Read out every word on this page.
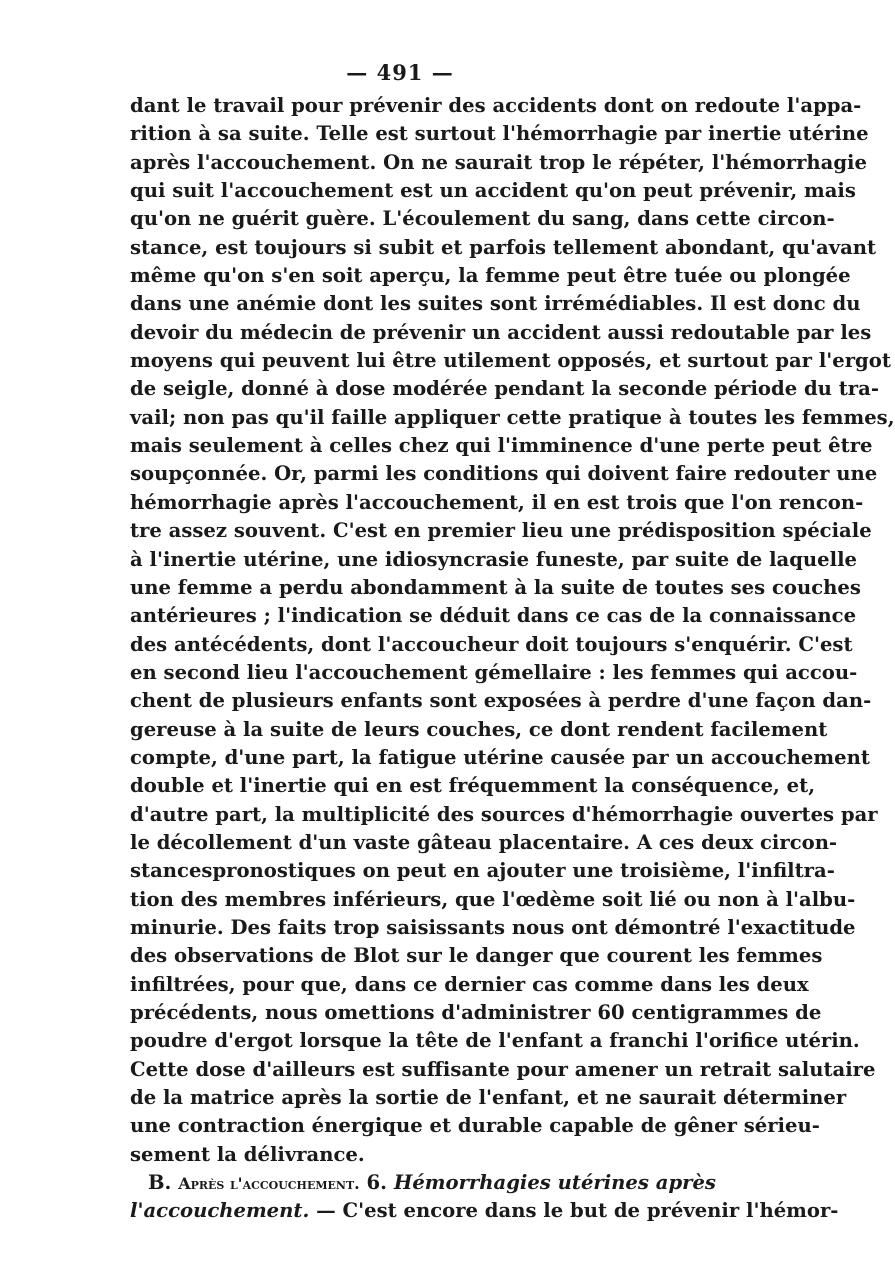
— 491 —
dant le travail pour prévenir des accidents dont on redoute l'appa-
rition à sa suite. Telle est surtout l'hémorrhagie par inertie utérine
après l'accouchement. On ne saurait trop le répéter, l'hémorrhagie
qui suit l'accouchement est un accident qu'on peut prévenir, mais
qu'on ne guérit guère. L'écoulement du sang, dans cette circon-
stance, est toujours si subit et parfois tellement abondant, qu'avant
même qu'on s'en soit aperçu, la femme peut être tuée ou plongée
dans une anémie dont les suites sont irrémédiables. Il est donc du
devoir du médecin de prévenir un accident aussi redoutable par les
moyens qui peuvent lui être utilement opposés, et surtout par l'ergot
de seigle, donné à dose modérée pendant la seconde période du tra-
vail; non pas qu'il faille appliquer cette pratique à toutes les femmes,
mais seulement à celles chez qui l'imminence d'une perte peut être
soupçonnée. Or, parmi les conditions qui doivent faire redouter une
hémorrhagie après l'accouchement, il en est trois que l'on rencon-
tre assez souvent. C'est en premier lieu une prédisposition spéciale
à l'inertie utérine, une idiosyncrasie funeste, par suite de laquelle
une femme a perdu abondamment à la suite de toutes ses couches
antérieures ; l'indication se déduit dans ce cas de la connaissance
des antécédents, dont l'accoucheur doit toujours s'enquérir. C'est
en second lieu l'accouchement gémellaire : les femmes qui accou-
chent de plusieurs enfants sont exposées à perdre d'une façon dan-
gereuse à la suite de leurs couches, ce dont rendent facilement
compte, d'une part, la fatigue utérine causée par un accouchement
double et l'inertie qui en est fréquemment la conséquence, et,
d'autre part, la multiplicité des sources d'hémorrhagie ouvertes par
le décollement d'un vaste gâteau placentaire. A ces deux circon-
stancespronostiques on peut en ajouter une troisième, l'infiltra-
tion des membres inférieurs, que l'œdème soit lié ou non à l'albu-
minurie. Des faits trop saisissants nous ont démontré l'exactitude
des observations de Blot sur le danger que courent les femmes
infiltrées, pour que, dans ce dernier cas comme dans les deux
précédents, nous omettions d'administrer 60 centigrammes de
poudre d'ergot lorsque la tête de l'enfant a franchi l'orifice utérin.
Cette dose d'ailleurs est suffisante pour amener un retrait salutaire
de la matrice après la sortie de l'enfant, et ne saurait déterminer
une contraction énergique et durable capable de gêner sérieu-
sement la délivrance.
B. Après l'accouchement. 6. Hémorrhagies utérines après
l'accouchement. — C'est encore dans le but de prévenir l'hémor-
